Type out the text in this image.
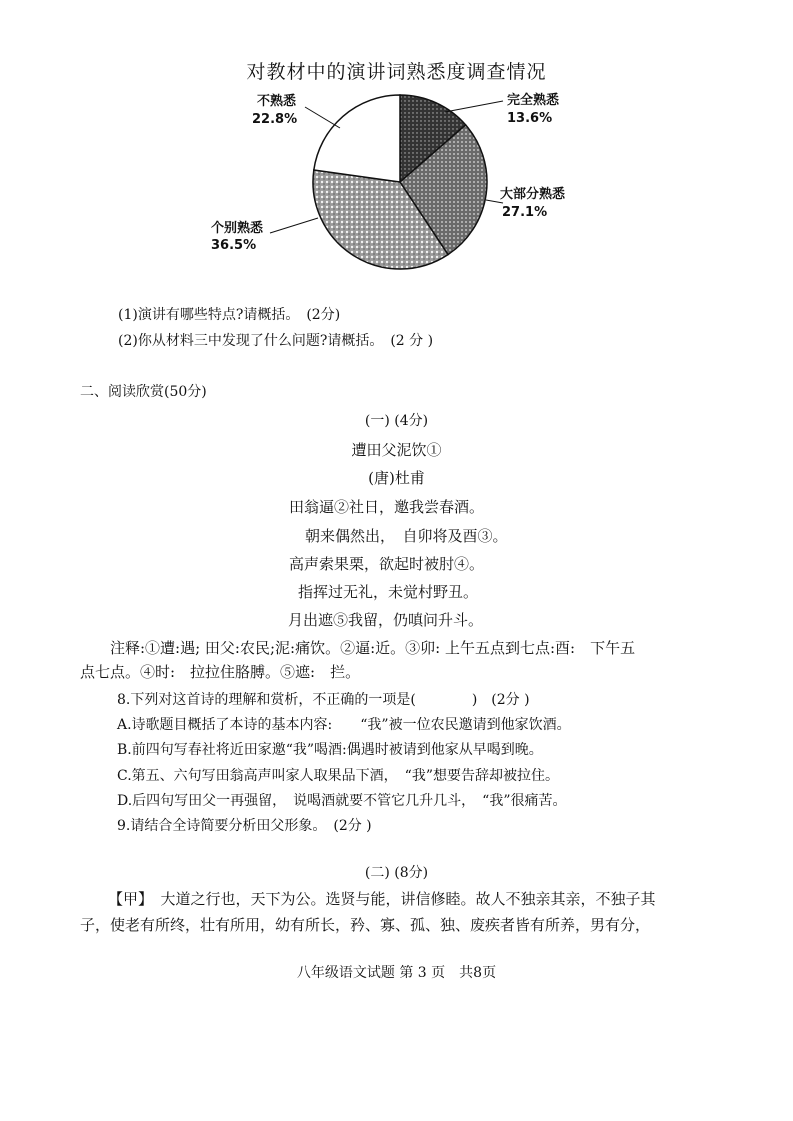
对教材中的演讲词熟悉度调查情况
不熟悉
22.8%
完全熟悉
13.6%
大部分熟悉
27.1%
个别熟悉
36.5%
(1)演讲有哪些特点?请概括。　(2分)
(2)你从材料三中发现了什么问题?请概括。　(2 分 )
二、阅读欣赏(50分)
(一) (4分)
遭田父泥饮①
(唐)杜甫
田翁逼②社日，邀我尝春酒。
朝来偶然出，　自卯将及酉③。
高声索果栗，欲起时被肘④。
指挥过无礼，未觉村野丑。
月出遮⑤我留，仍嗔问升斗。
注释:①遭:遇; 田父:农民;泥:痛饮。②逼:近。③卯: 上午五点到七点:酉:　下午五
点七点。④时:　拉拉住胳膊。⑤遮:　拦。
8.下列对这首诗的理解和赏析，不正确的一项是(　　　　)　(2分 )
A.诗歌题目概括了本诗的基本内容:　　“我”被一位农民邀请到他家饮酒。
B.前四句写春社将近田家邀“我”喝酒:偶遇时被请到他家从早喝到晚。
C.第五、六句写田翁高声叫家人取果品下酒，　“我”想要告辞却被拉住。
D.后四句写田父一再强留，　说喝酒就要不管它几升几斗，　“我”很痛苦。
9.请结合全诗简要分析田父形象。　(2分 )
(二) (8分)
【甲】　大道之行也，天下为公。选贤与能，讲信修睦。故人不独亲其亲，不独子其
子，使老有所终，壮有所用，幼有所长，矜、寡、孤、独、废疾者皆有所养，男有分，
八年级语文试题 第 3 页　共8页
